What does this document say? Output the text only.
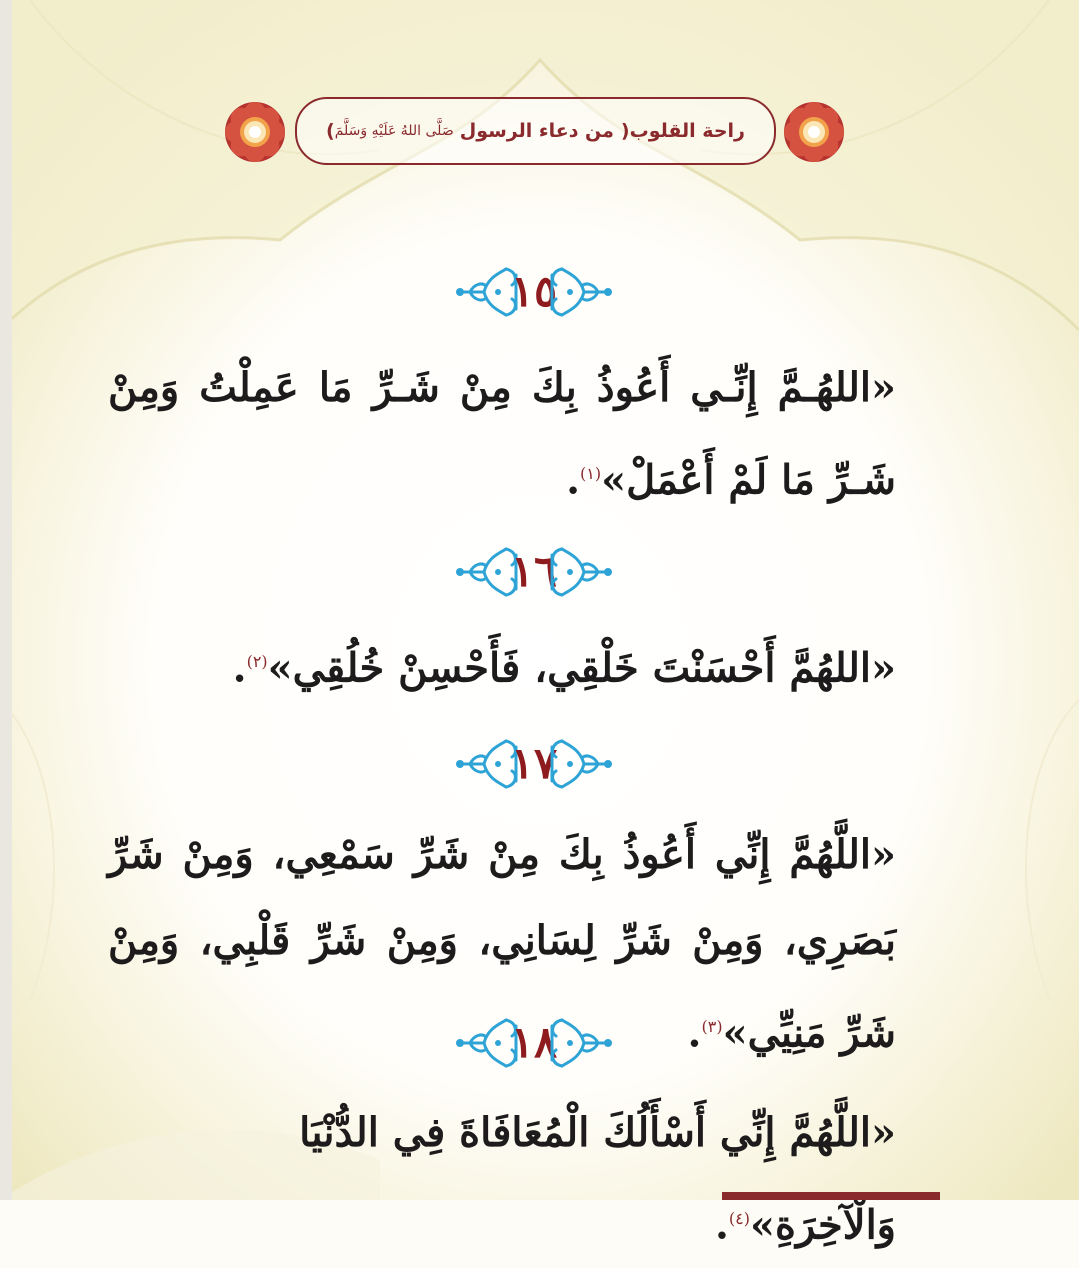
راحة القلوب
(
من دعاء الرسول
صَلَّى اللهُ عَلَيْهِ وَسَلَّمَ
)
١٥
«اللهُـمَّ إِنِّـي أَعُوذُ بِكَ مِنْ شَـرِّ مَا عَمِلْتُ وَمِنْ شَـرِّ مَا لَمْ أَعْمَلْ»$^{(١)}$.
١٦
«اللهُمَّ أَحْسَنْتَ خَلْقِي، فَأَحْسِنْ خُلُقِي»$^{(٢)}$.
١٧
«اللَّهُمَّ إِنِّي أَعُوذُ بِكَ مِنْ شَرِّ سَمْعِي، وَمِنْ شَرِّ بَصَرِي، وَمِنْ شَرِّ لِسَانِي، وَمِنْ شَرِّ قَلْبِي، وَمِنْ شَرِّ مَنِيِّي»$^{(٣)}$.
١٨
«اللَّهُمَّ إِنِّي أَسْأَلُكَ الْمُعَافَاةَ فِي الدُّنْيَا وَالْآخِرَةِ»$^{(٤)}$.
